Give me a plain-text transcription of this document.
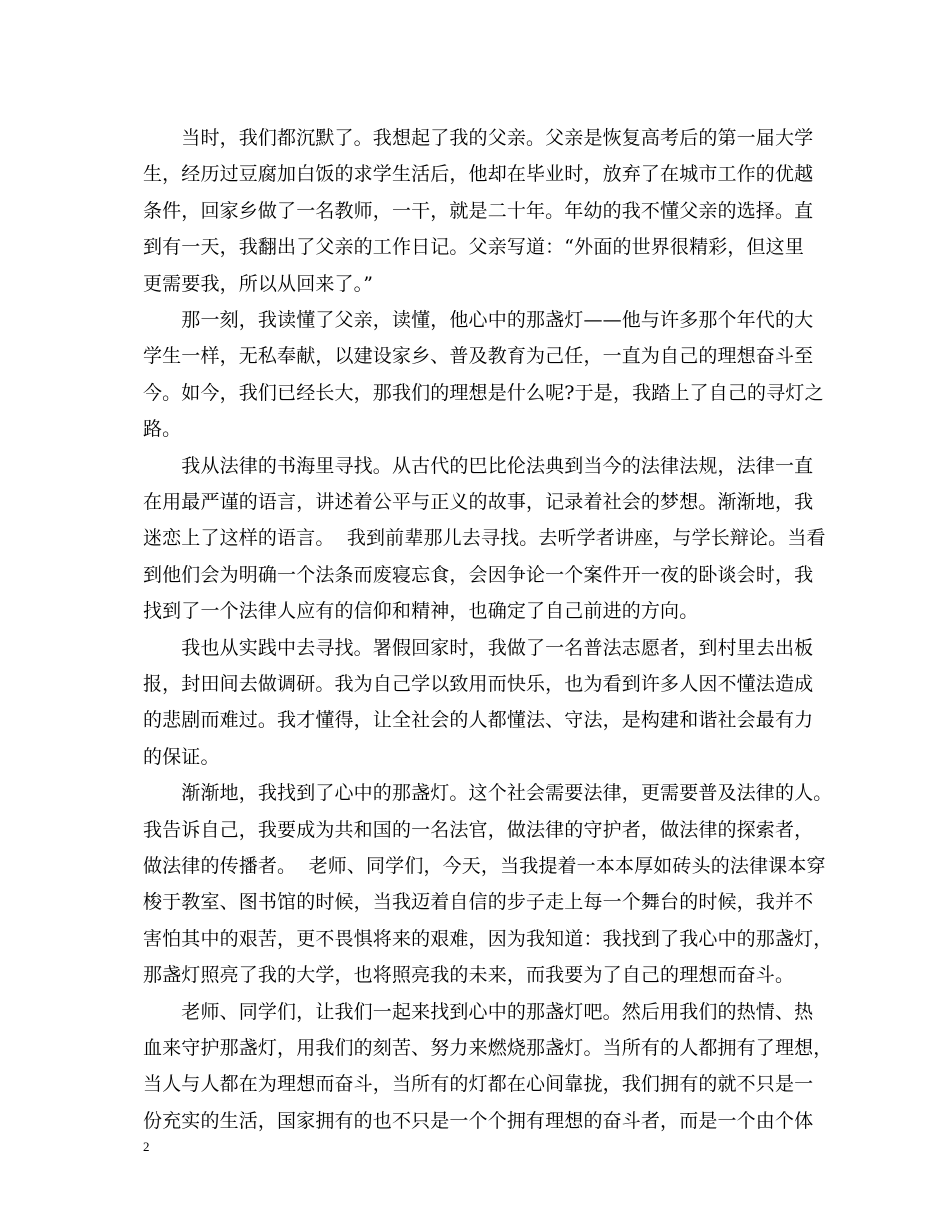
　　当时，我们都沉默了。我想起了我的父亲。父亲是恢复高考后的第一届大学
生，经历过豆腐加白饭的求学生活后，他却在毕业时，放弃了在城市工作的优越
条件，回家乡做了一名教师，一干，就是二十年。年幼的我不懂父亲的选择。直
到有一天，我翻出了父亲的工作日记。父亲写道：“外面的世界很精彩，但这里
更需要我，所以从回来了。”
　　那一刻，我读懂了父亲，读懂，他心中的那盏灯——他与许多那个年代的大
学生一样，无私奉献，以建设家乡、普及教育为己任，一直为自己的理想奋斗至
今。如今，我们已经长大，那我们的理想是什么呢?于是，我踏上了自己的寻灯之
路。
　　我从法律的书海里寻找。从古代的巴比伦法典到当今的法律法规，法律一直
在用最严谨的语言，讲述着公平与正义的故事，记录着社会的梦想。渐渐地，我
迷恋上了这样的语言。  我到前辈那儿去寻找。去听学者讲座，与学长辩论。当看
到他们会为明确一个法条而废寝忘食，会因争论一个案件开一夜的卧谈会时，我
找到了一个法律人应有的信仰和精神，也确定了自己前进的方向。
　　我也从实践中去寻找。署假回家时，我做了一名普法志愿者，到村里去出板
报，封田间去做调研。我为自己学以致用而快乐，也为看到许多人因不懂法造成
的悲剧而难过。我才懂得，让全社会的人都懂法、守法，是构建和谐社会最有力
的保证。
　　渐渐地，我找到了心中的那盏灯。这个社会需要法律，更需要普及法律的人。
我告诉自己，我要成为共和国的一名法官，做法律的守护者，做法律的探索者，
做法律的传播者。  老师、同学们，今天，当我提着一本本厚如砖头的法律课本穿
梭于教室、图书馆的时候，当我迈着自信的步子走上每一个舞台的时候，我并不
害怕其中的艰苦，更不畏惧将来的艰难，因为我知道：我找到了我心中的那盏灯，
那盏灯照亮了我的大学，也将照亮我的未来，而我要为了自己的理想而奋斗。
　　老师、同学们，让我们一起来找到心中的那盏灯吧。然后用我们的热情、热
血来守护那盏灯，用我们的刻苦、努力来燃烧那盏灯。当所有的人都拥有了理想，
当人与人都在为理想而奋斗，当所有的灯都在心间靠拢，我们拥有的就不只是一
份充实的生活，国家拥有的也不只是一个个拥有理想的奋斗者，而是一个由个体
2
